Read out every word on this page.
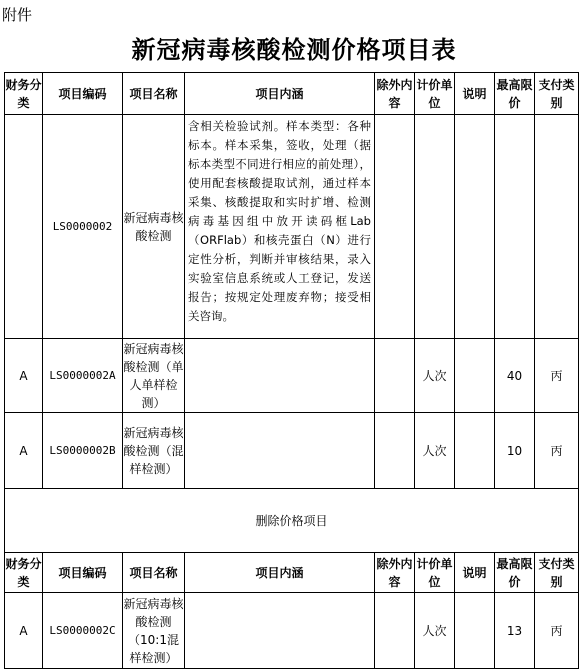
附件
新冠病毒核酸检测价格项目表
财务分类	项目编码	项目名称	项目内涵	除外内容	计价单位	说明	最高限价	支付类别
	LS0000002	新冠病毒核酸检测	含相关检验试剂。样本类型：各种标本。样本采集，签收，处理（据标本类型不同进行相应的前处理），使用配套核酸提取试剂，通过样本采集、核酸提取和实时扩增、检测病毒基因组中放开读码框Lab（ORFlab）和核壳蛋白（N）进行定性分析，判断并审核结果，录入实验室信息系统或人工登记，发送报告；按规定处理废弃物；接受相关咨询。					
A	LS0000002A	新冠病毒核酸检测（单人单样检测）			人次		40	丙
A	LS0000002B	新冠病毒核酸检测（混样检测）			人次		10	丙
删除价格项目								
财务分类	项目编码	项目名称	项目内涵	除外内容	计价单位	说明	最高限价	支付类别
A	LS0000002C	新冠病毒核酸检测（10:1混样检测）			人次		13	丙
